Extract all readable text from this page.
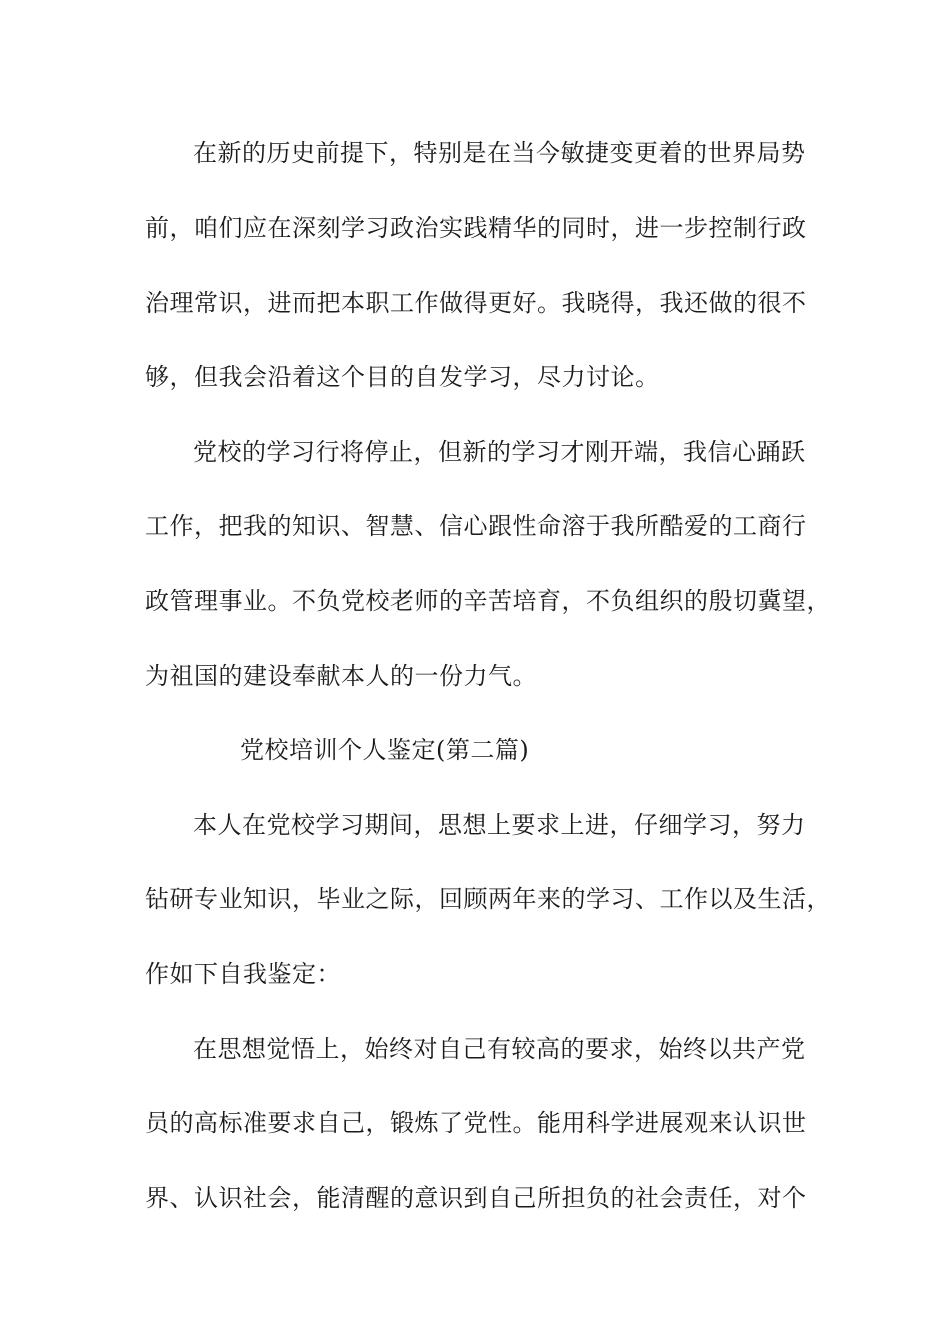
在新的历史前提下，特别是在当今敏捷变更着的世界局势
前，咱们应在深刻学习政治实践精华的同时，进一步控制行政
治理常识，进而把本职工作做得更好。我晓得，我还做的很不
够，但我会沿着这个目的自发学习，尽力讨论。
党校的学习行将停止，但新的学习才刚开端，我信心踊跃
工作，把我的知识、智慧、信心跟性命溶于我所酷爱的工商行
政管理事业。不负党校老师的辛苦培育，不负组织的殷切冀望，
为祖国的建设奉献本人的一份力气。
党校培训个人鉴定(第二篇)
本人在党校学习期间，思想上要求上进，仔细学习，努力
钻研专业知识，毕业之际，回顾两年来的学习、工作以及生活，
作如下自我鉴定：
在思想觉悟上，始终对自己有较高的要求，始终以共产党
员的高标准要求自己，锻炼了党性。能用科学进展观来认识世
界、认识社会，能清醒的意识到自己所担负的社会责任，对个
